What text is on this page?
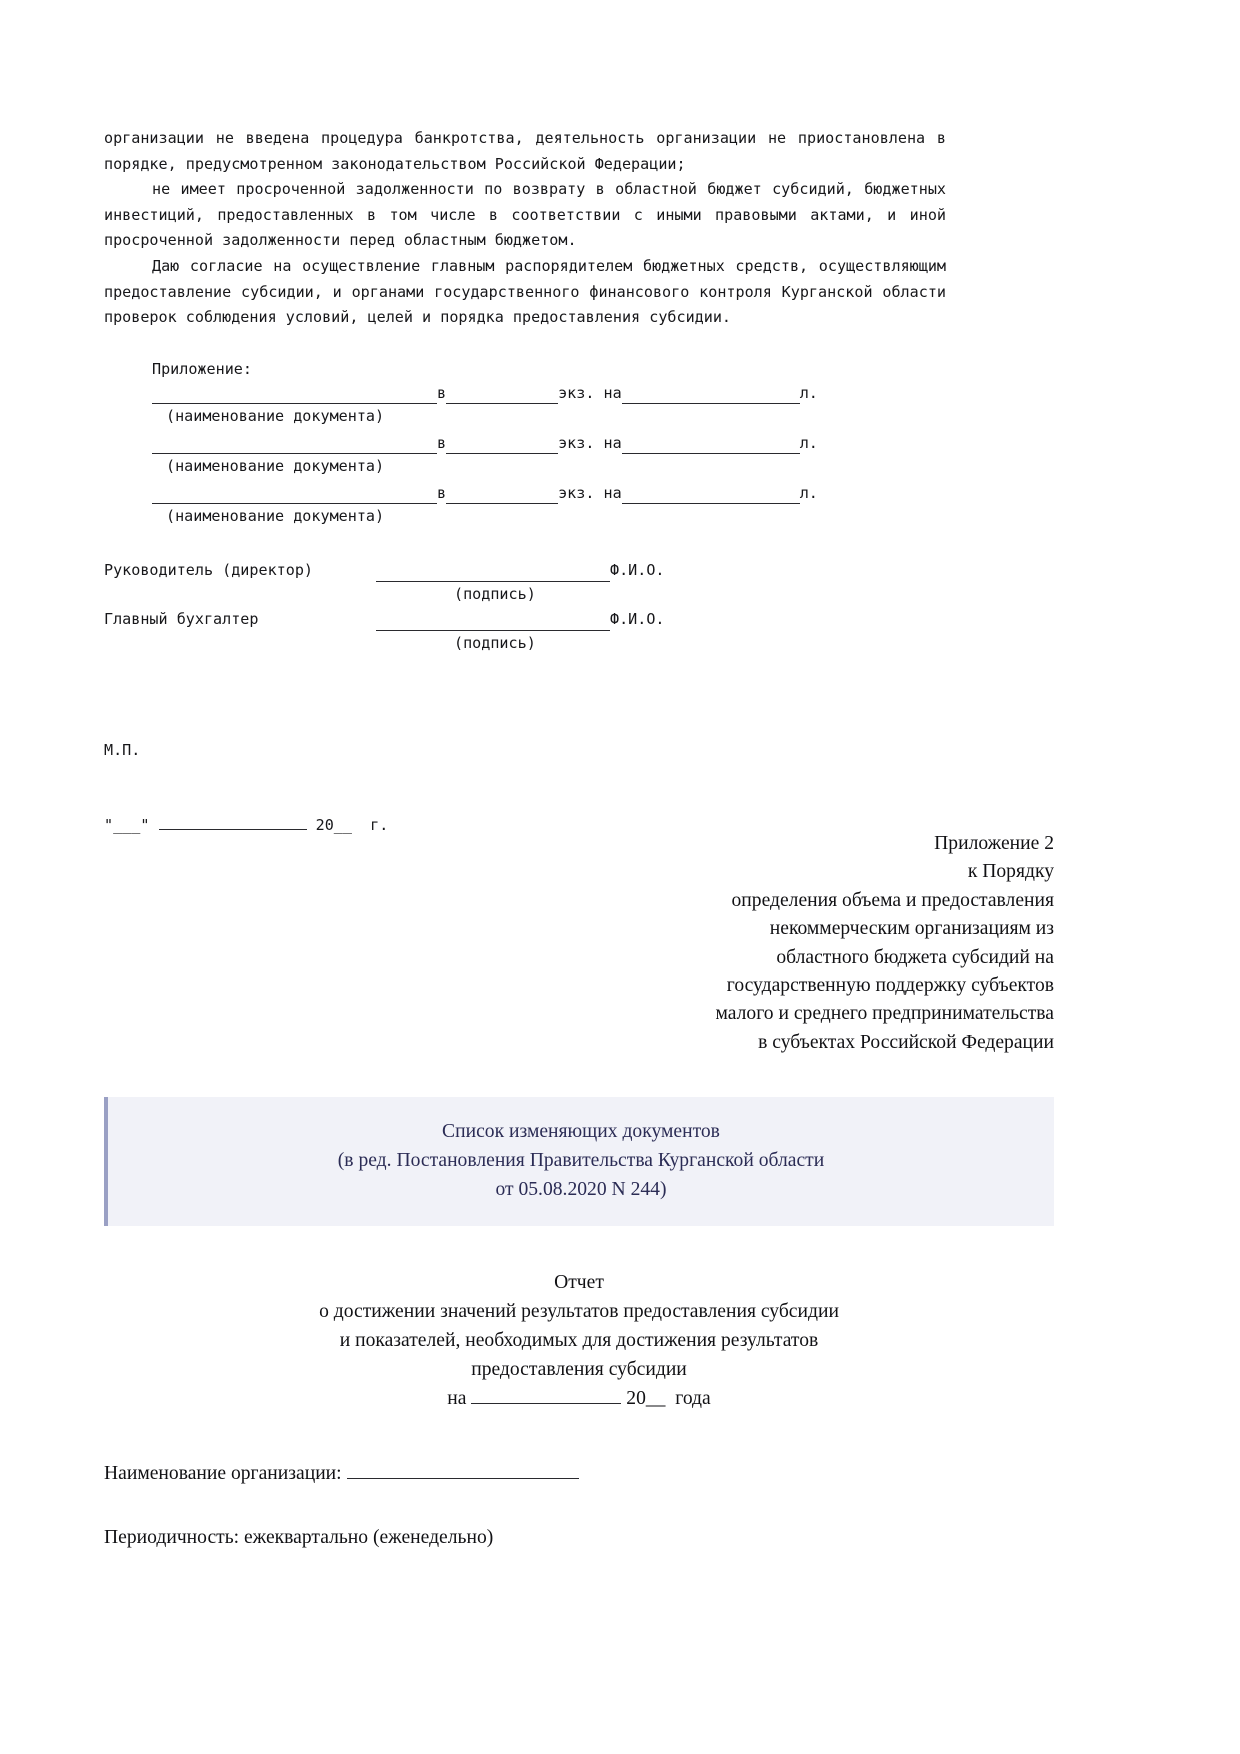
организации не введена процедура банкротства, деятельность организации не приостановлена в порядке, предусмотренном законодательством Российской Федерации;

не имеет просроченной задолженности по возврату в областной бюджет субсидий, бюджетных инвестиций, предоставленных в том числе в соответствии с иными правовыми актами, и иной просроченной задолженности перед областным бюджетом.

Даю согласие на осуществление главным распорядителем бюджетных средств, осуществляющим предоставление субсидии, и органами государственного финансового контроля Курганской области проверок соблюдения условий, целей и порядка предоставления субсидии.

Приложение:

в	экз. на	л.
(наименование документа)
в	экз. на	л.
(наименование документа)
в	экз. на	л.
(наименование документа)
Руководитель (директор)	Ф.И.О.
(подпись)
Главный бухгалтер	Ф.И.О.
(подпись)

М.П.

"___"	20__  г.

Приложение 2
к Порядку
определения объема и предоставления
некоммерческим организациям из
областного бюджета субсидий на
государственную поддержку субъектов
малого и среднего предпринимательства
в субъектах Российской Федерации
Список изменяющих документов
(в ред. Постановления Правительства Курганской области
от 05.08.2020 N 244)
Отчет
о достижении значений результатов предоставления субсидии
и показателей, необходимых для достижения результатов
предоставления субсидии
на	20__  года
Наименование организации:
Периодичность: ежеквартально (еженедельно)
